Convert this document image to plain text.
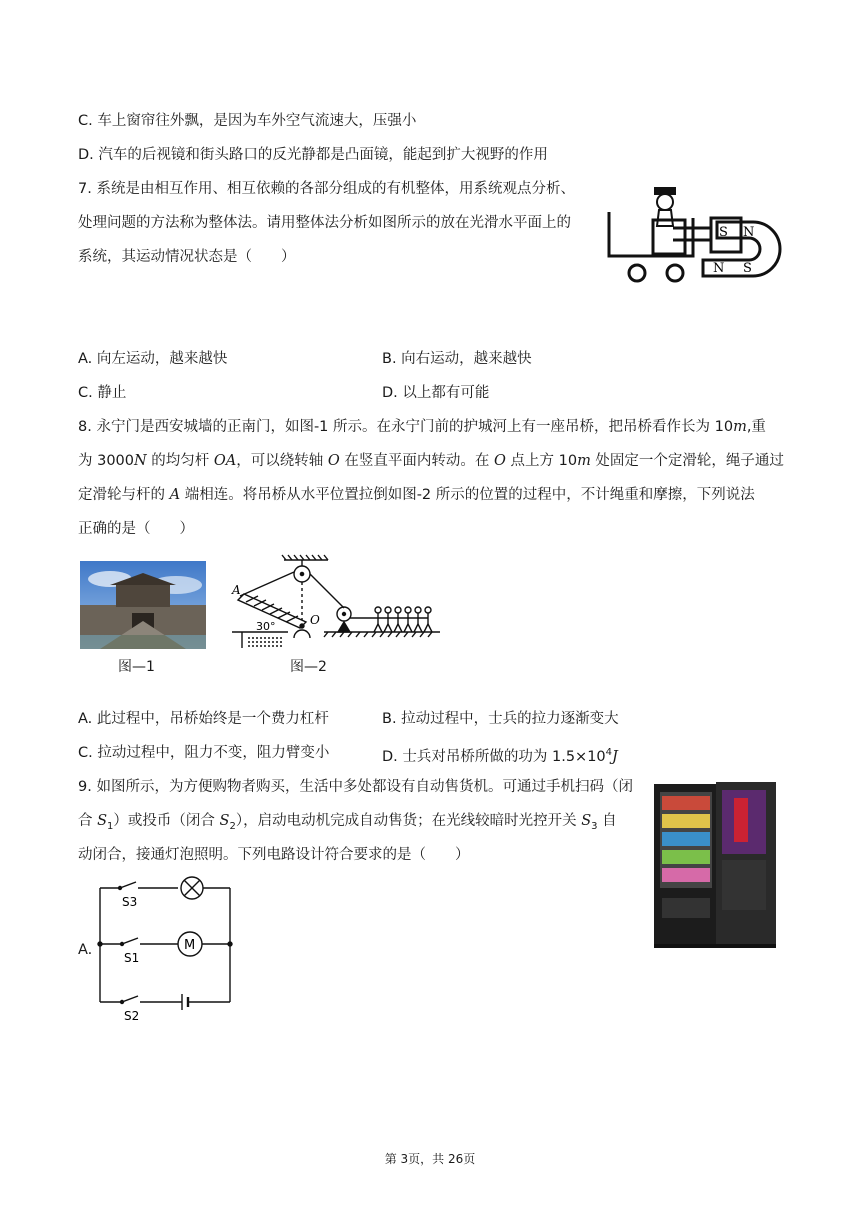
C. 车上窗帘往外飘，是因为车外空气流速大，压强小
D. 汽车的后视镜和街头路口的反光静都是凸面镜，能起到扩大视野的作用
7. 系统是由相互作用、相互依赖的各部分组成的有机整体，用系统观点分析、
处理问题的方法称为整体法。请用整体法分析如图所示的放在光滑水平面上的
系统，其运动情况状态是（　　）
S N
N S
A. 向左运动，越来越快	B. 向右运动，越来越快
C. 静止	D. 以上都有可能
8. 永宁门是西安城墙的正南门，如图-1 所示。在永宁门前的护城河上有一座吊桥，把吊桥看作长为 10m,重
为 3000N 的均匀杆 OA，可以绕转轴 O 在竖直平面内转动。在 O 点上方 10m 处固定一个定滑轮，绳子通过
定滑轮与杆的 A 端相连。将吊桥从水平位置拉倒如图-2 所示的位置的过程中，不计绳重和摩擦，下列说法
正确的是（　　）
图—1
A
O
30°
图—2
A. 此过程中，吊桥始终是一个费力杠杆	B. 拉动过程中，士兵的拉力逐渐变大
C. 拉动过程中，阻力不变，阻力臂变小	D. 士兵对吊桥所做的功为 $1.5\times 10^4J$
9. 如图所示，为方便购物者购买，生活中多处都设有自动售货机。可通过手机扫码（闭
合 $S_1$）或投币（闭合 $S_2$），启动电动机完成自动售货；在光线较暗时光控开关 $S_3$ 自
动闭合，接通灯泡照明。下列电路设计符合要求的是（　　）
A.	M
S3
S1
S2
第 3页，共 26页
